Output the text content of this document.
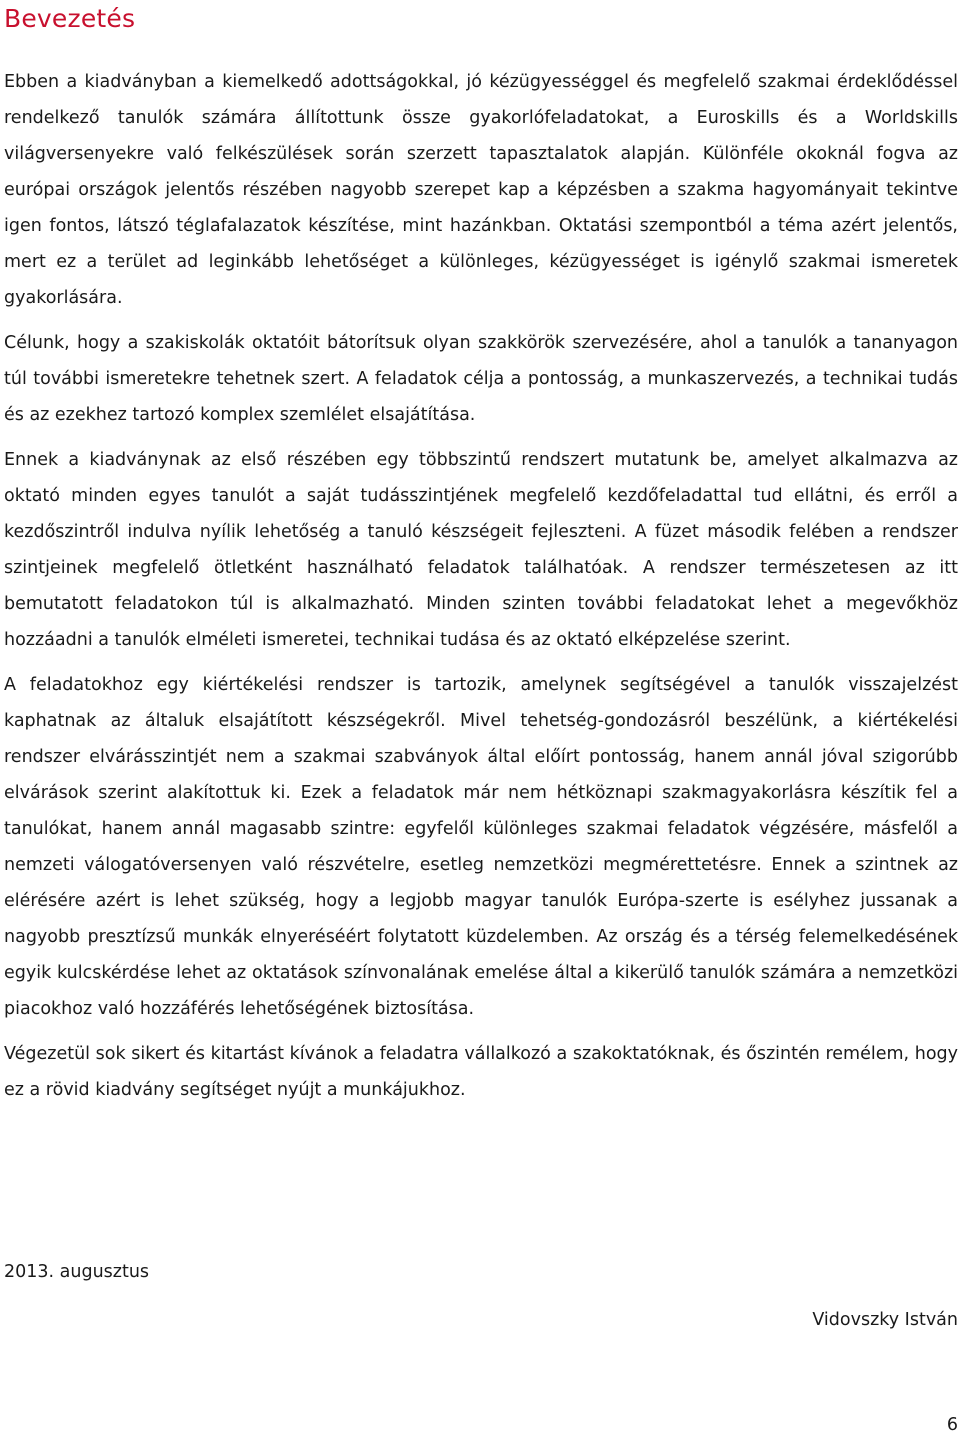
Bevezetés

Ebben a kiadványban a kiemelkedő adottságokkal, jó kézügyességgel és megfelelő szakmai érdeklődéssel rendelkező tanulók számára állítottunk össze gyakorlófeladatokat, a Euroskills és a Worldskills világversenyekre való felkészülések során szerzett tapasztalatok alapján. Különféle okoknál fogva az európai országok jelentős részében nagyobb szerepet kap a képzésben a szakma hagyományait tekintve igen fontos, látszó téglafalazatok készítése, mint hazánkban. Oktatási szempontból a téma azért jelentős, mert ez a terület ad leginkább lehetőséget a különleges, kézügyességet is igénylő szakmai ismeretek gyakorlására.

Célunk, hogy a szakiskolák oktatóit bátorítsuk olyan szakkörök szervezésére, ahol a tanulók a tananyagon túl további ismeretekre tehetnek szert. A feladatok célja a pontosság, a munkaszervezés, a technikai tudás és az ezekhez tartozó komplex szemlélet elsajátítása.

Ennek a kiadványnak az első részében egy többszintű rendszert mutatunk be, amelyet alkalmazva az oktató minden egyes tanulót a saját tudásszintjének megfelelő kezdőfeladattal tud ellátni, és erről a kezdőszintről indulva nyílik lehetőség a tanuló készségeit fejleszteni. A füzet második felében a rendszer szintjeinek megfelelő ötletként használható feladatok találhatóak. A rendszer természetesen az itt bemutatott feladatokon túl is alkalmazható. Minden szinten további feladatokat lehet a megevőkhöz hozzáadni a tanulók elméleti ismeretei, technikai tudása és az oktató elképzelése szerint.

A feladatokhoz egy kiértékelési rendszer is tartozik, amelynek segítségével a tanulók visszajelzést kaphatnak az általuk elsajátított készségekről. Mivel tehetség-gondozásról beszélünk, a kiértékelési rendszer elvárásszintjét nem a szakmai szabványok által előírt pontosság, hanem annál jóval szigorúbb elvárások szerint alakítottuk ki. Ezek a feladatok már nem hétköznapi szakmagyakorlásra készítik fel a tanulókat, hanem annál magasabb szintre: egyfelől különleges szakmai feladatok végzésére, másfelől a nemzeti válogatóversenyen való részvételre, esetleg nemzetközi megmérettetésre. Ennek a szintnek az elérésére azért is lehet szükség, hogy a legjobb magyar tanulók Európa-szerte is esélyhez jussanak a nagyobb presztízsű munkák elnyeréséért folytatott küzdelemben. Az ország és a térség felemelkedésének egyik kulcskérdése lehet az oktatások színvonalának emelése által a kikerülő tanulók számára a nemzetközi piacokhoz való hozzáférés lehetőségének biztosítása.

Végezetül sok sikert és kitartást kívánok a feladatra vállalkozó a szakoktatóknak, és őszintén remélem, hogy ez a rövid kiadvány segítséget nyújt a munkájukhoz.

2013. augusztus
Vidovszky István
6
